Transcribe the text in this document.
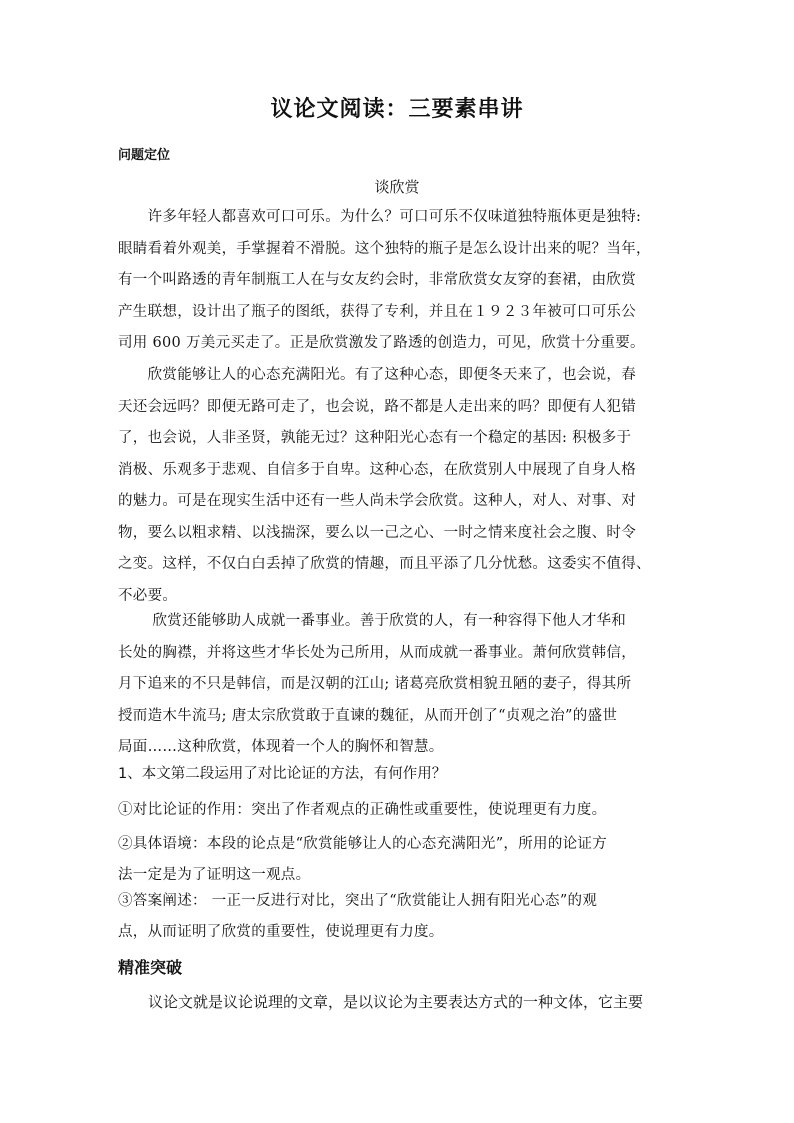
议论文阅读：三要素串讲
问题定位
谈欣赏
　　许多年轻人都喜欢可口可乐。为什么？可口可乐不仅味道独特瓶体更是独特:
眼睛看着外观美，手掌握着不滑脱。这个独特的瓶子是怎么设计出来的呢？当年，
有一个叫路透的青年制瓶工人在与女友约会时，非常欣赏女友穿的套裙，由欣赏
产生联想，设计出了瓶子的图纸，获得了专利，并且在１９２３年被可口可乐公
司用 600 万美元买走了。正是欣赏激发了路透的创造力，可见，欣赏十分重要。
　　欣赏能够让人的心态充满阳光。有了这种心态，即便冬天来了，也会说，春
天还会远吗？即便无路可走了，也会说，路不都是人走出来的吗？即便有人犯错
了，也会说，人非圣贤，孰能无过？这种阳光心态有一个稳定的基因: 积极多于
消极、乐观多于悲观、自信多于自卑。这种心态，在欣赏别人中展现了自身人格
的魅力。可是在现实生活中还有一些人尚未学会欣赏。这种人，对人、对事、对
物，要么以粗求精、以浅揣深，要么以一己之心、一时之情来度社会之腹、时令
之变。这样，不仅白白丢掉了欣赏的情趣，而且平添了几分忧愁。这委实不值得、
不必要。
　　 欣赏还能够助人成就一番事业。善于欣赏的人，有一种容得下他人才华和
长处的胸襟，并将这些才华长处为己所用，从而成就一番事业。萧何欣赏韩信，
月下追来的不只是韩信，而是汉朝的江山; 诸葛亮欣赏相貌丑陋的妻子，得其所
授而造木牛流马; 唐太宗欣赏敢于直谏的魏征，从而开创了“贞观之治”的盛世
局面……这种欣赏，体现着一个人的胸怀和智慧。
1、本文第二段运用了对比论证的方法，有何作用？
①对比论证的作用：突出了作者观点的正确性或重要性，使说理更有力度。
②具体语境：本段的论点是“欣赏能够让人的心态充满阳光”，所用的论证方
法一定是为了证明这一观点。
③答案阐述： 一正一反进行对比，突出了“欣赏能让人拥有阳光心态”的观
点，从而证明了欣赏的重要性，使说理更有力度。
精准突破
　　议论文就是议论说理的文章，是以议论为主要表达方式的一种文体，它主要
